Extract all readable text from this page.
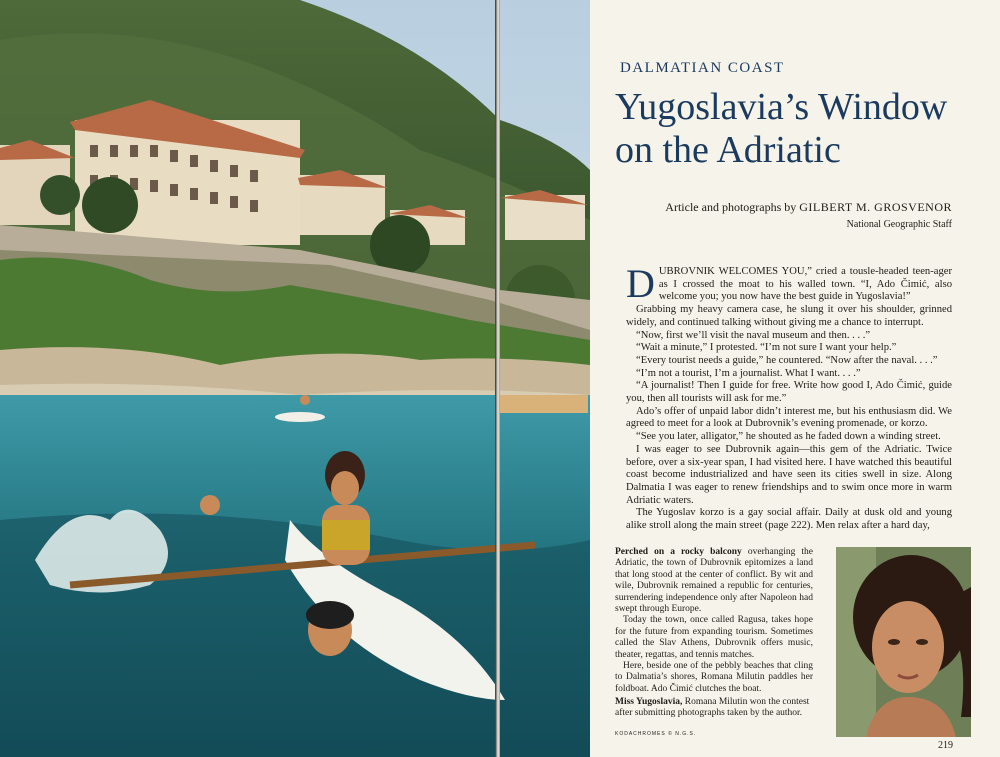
DALMATIAN COAST
Yugoslavia’s Window
on the Adriatic
Article and photographs by GILBERT M. GROSVENOR
National Geographic Staff

DUBROVNIK WELCOMES YOU,” cried a tousle-headed teen-ager as I crossed the moat to his walled town. “I, Ado Čimić, also welcome you; you now have the best guide in Yugoslavia!”

Grabbing my heavy camera case, he slung it over his shoulder, grinned widely, and continued talking without giving me a chance to interrupt.

“Now, first we’ll visit the naval museum and then. . . .”

“Wait a minute,” I protested. “I’m not sure I want your help.”

“Every tourist needs a guide,” he countered. “Now after the naval. . . .”

“I’m not a tourist, I’m a journalist. What I want. . . .”

“A journalist! Then I guide for free. Write how good I, Ado Čimić, guide you, then all tourists will ask for me.”

Ado’s offer of unpaid labor didn’t interest me, but his enthusiasm did. We agreed to meet for a look at Dubrovnik’s evening promenade, or korzo.

“See you later, alligator,” he shouted as he faded down a winding street.

I was eager to see Dubrovnik again—this gem of the Adriatic. Twice before, over a six-year span, I had visited here. I have watched this beautiful coast become industrialized and have seen its cities swell in size. Along Dalmatia I was eager to renew friendships and to swim once more in warm Adriatic waters.

The Yugoslav korzo is a gay social affair. Daily at dusk old and young alike stroll along the main street (page 222). Men relax after a hard day,

Perched on a rocky balcony overhanging the Adriatic, the town of Dubrovnik epitomizes a land that long stood at the center of conflict. By wit and wile, Dubrovnik remained a republic for centuries, surrendering independence only after Napoleon had swept through Europe.

Today the town, once called Ragusa, takes hope for the future from expanding tourism. Sometimes called the Slav Athens, Dubrovnik offers music, theater, regattas, and tennis matches.

Here, beside one of the pebbly beaches that cling to Dalmatia’s shores, Romana Milutin paddles her foldboat. Ado Čimić clutches the boat.

Miss Yugoslavia, Romana Milutin won the contest after submitting photographs taken by the author.
KODACHROMES © N.G.S.
219
